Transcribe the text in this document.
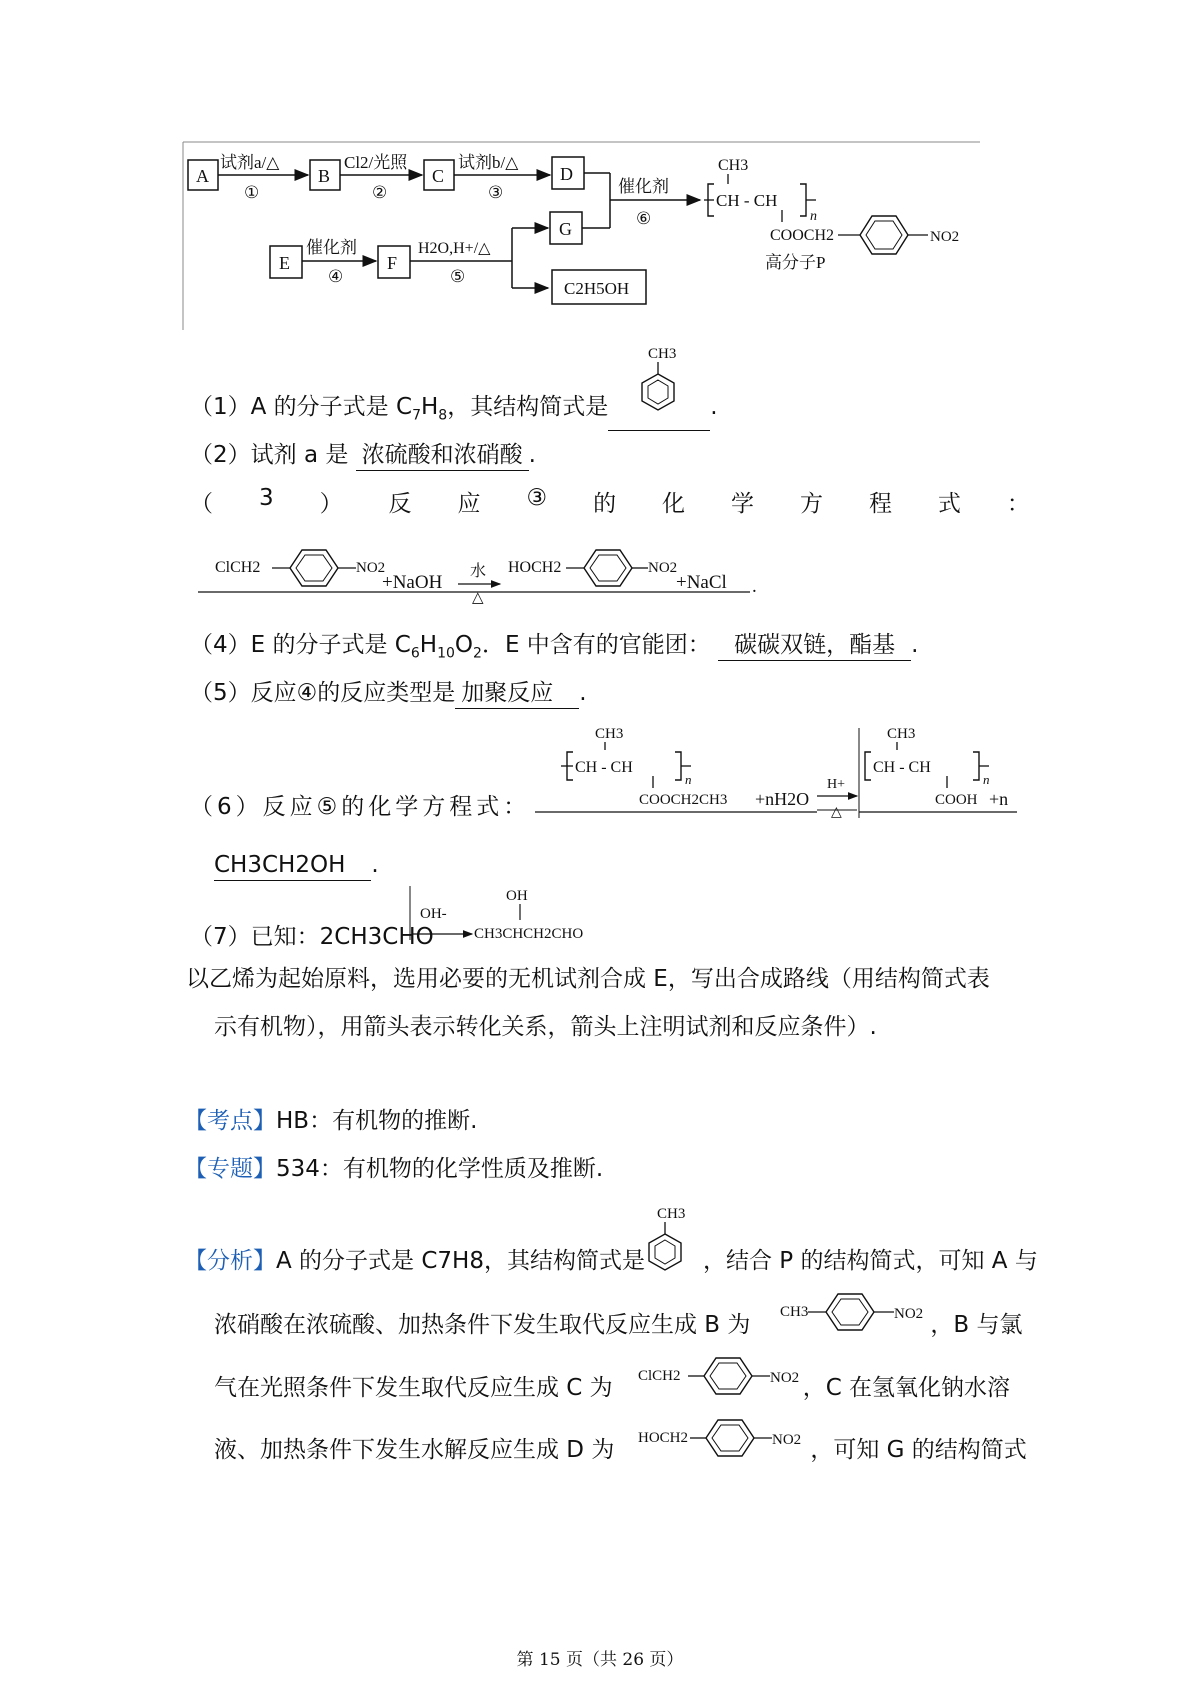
A	B	C	D
试剂a/△
①
Cl2/光照
②
试剂b/△
③
E	F
催化剂
④
H2O,H+/△
⑤
G
C2H5OH
催化剂
⑥
CH3
CH - CH
n
COOCH2	NO2
高分子P
（1）A 的分子式是 $C_7H_8$，其结构简式是	.
CH3
（2）试剂 a 是 浓硫酸和浓硝酸 .
（ 3 ） 反 应 ③ 的 化 学 方 程 式 ：
ClCH2	NO2
+NaOH
水
△
HOCH2	NO2
+NaCl .
（4）E 的分子式是 $C_6H_{10}O_2$．E 中含有的官能团： 碳碳双链，酯基 .
（5）反应④的反应类型是 加聚反应 .
（6）反应⑤的化学方程式：
CH3
CH - CH
n
COOCH2CH3 +nH2O
H+
△
CH3
CH - CH
n
COOH +n
CH3CH2OH .
（7）已知：2CH3CHO
OH-
OH
CH3CHCH2CHO
以乙烯为起始原料，选用必要的无机试剂合成 E，写出合成路线（用结构简式表
示有机物），用箭头表示转化关系，箭头上注明试剂和反应条件）.
【考点】HB：有机物的推断.
【专题】534：有机物的化学性质及推断.
【分析】A 的分子式是 C7H8，其结构简式是	，结合 P 的结构简式，可知 A 与
CH3
浓硝酸在浓硫酸、加热条件下发生取代反应生成 B 为	，B 与氯
CH3	NO2
气在光照条件下发生取代反应生成 C 为	，C 在氢氧化钠水溶
ClCH2	NO2
液、加热条件下发生水解反应生成 D 为	，可知 G 的结构简式
HOCH2	NO2
第 15 页（共 26 页）
